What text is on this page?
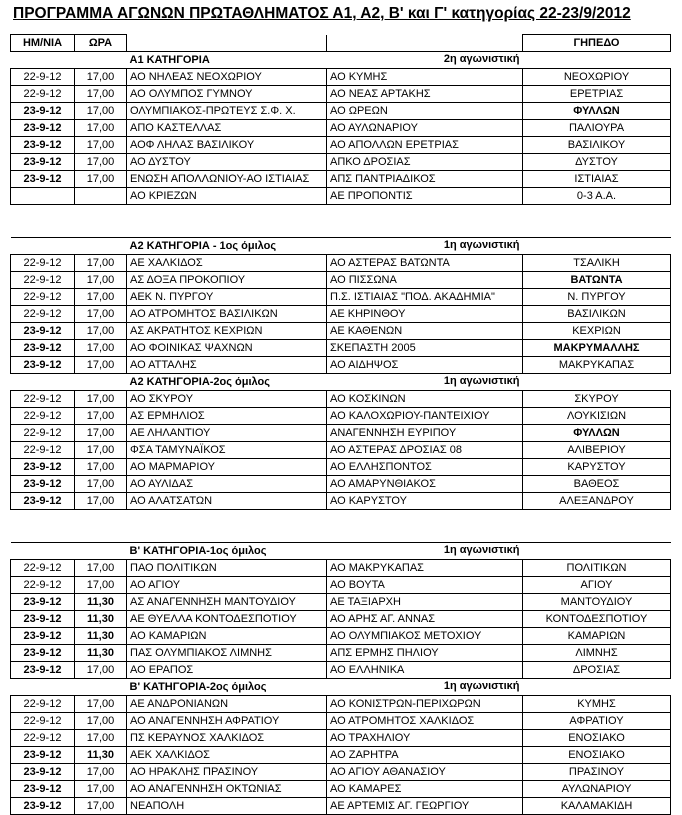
ΠΡΟΓΡΑΜΜΑ ΑΓΩΝΩΝ ΠΡΩΤΑΘΛΗΜΑΤΟΣ Α1, Α2, Β' και Γ' κατηγορίας 22-23/9/2012
ΗΜ/ΝΙΑ	ΩΡΑ			ΓΗΠΕΔΟ
		Α1 ΚΑΤΗΓΟΡΙΑ 2η αγωνιστική		

22-9-12	17,00	ΑΟ ΝΗΛΕΑΣ ΝΕΟΧΩΡΙΟΥ	ΑΟ ΚΥΜΗΣ	ΝΕΟΧΩΡΙΟΥ
22-9-12	17,00	ΑΟ ΟΛΥΜΠΟΣ ΓΥΜΝΟΥ	ΑΟ ΝΕΑΣ ΑΡΤΑΚΗΣ	ΕΡΕΤΡΙΑΣ
23-9-12	17,00	ΟΛΥΜΠΙΑΚΟΣ-ΠΡΩΤΕΥΣ Σ.Φ. Χ.	ΑΟ ΩΡΕΩΝ	ΦΥΛΛΩΝ
23-9-12	17,00	ΑΠΟ ΚΑΣΤΕΛΛΑΣ	ΑΟ ΑΥΛΩΝΑΡΙΟΥ	ΠΑΛΙΟΥΡΑ
23-9-12	17,00	ΑΟΦ ΛΗΛΑΣ ΒΑΣΙΛΙΚΟΥ	ΑΟ ΑΠΟΛΛΩΝ ΕΡΕΤΡΙΑΣ	ΒΑΣΙΛΙΚΟΥ
23-9-12	17,00	ΑΟ ΔΥΣΤΟΥ	ΑΠΚΟ ΔΡΟΣΙΑΣ	ΔΥΣΤΟΥ
23-9-12	17,00	ΕΝΩΣΗ ΑΠΟΛΛΩΝΙΟΥ-ΑΟ ΙΣΤΙΑΙΑΣ	ΑΠΣ ΠΑΝΤΡΙΑΔΙΚΟΣ	ΙΣΤΙΑΙΑΣ
		ΑΟ ΚΡΙΕΖΩΝ	ΑΕ ΠΡΟΠΟΝΤΙΣ	0-3 Α.Α.

		Α2 ΚΑΤΗΓΟΡΙΑ - 1ος όμιλος 1η αγωνιστική		

22-9-12	17,00	ΑΕ ΧΑΛΚΙΔΟΣ	ΑΟ ΑΣΤΕΡΑΣ ΒΑΤΩΝΤΑ	ΤΣΑΛΙΚΗ
22-9-12	17,00	ΑΣ ΔΟΞΑ ΠΡΟΚΟΠΙΟΥ	ΑΟ ΠΙΣΣΩΝΑ	ΒΑΤΩΝΤΑ
22-9-12	17,00	ΑΕΚ Ν. ΠΥΡΓΟΥ	Π.Σ. ΙΣΤΙΑΙΑΣ "ΠΟΔ. ΑΚΑΔΗΜΙΑ"	Ν. ΠΥΡΓΟΥ
22-9-12	17,00	ΑΟ ΑΤΡΟΜΗΤΟΣ ΒΑΣΙΛΙΚΩΝ	ΑΕ ΚΗΡΙΝΘΟΥ	ΒΑΣΙΛΙΚΩΝ
23-9-12	17,00	ΑΣ ΑΚΡΑΤΗΤΟΣ ΚΕΧΡΙΩΝ	ΑΕ ΚΑΘΕΝΩΝ	ΚΕΧΡΙΩΝ
23-9-12	17,00	ΑΟ ΦΟΙΝΙΚΑΣ ΨΑΧΝΩΝ	ΣΚΕΠΑΣΤΗ 2005	ΜΑΚΡΥΜΑΛΛΗΣ
23-9-12	17,00	ΑΟ ΑΤΤΑΛΗΣ	ΑΟ ΑΙΔΗΨΟΣ	ΜΑΚΡΥΚΑΠΑΣ
		Α2 ΚΑΤΗΓΟΡΙΑ-2ος όμιλος 1η αγωνιστική		

22-9-12	17,00	ΑΟ ΣΚΥΡΟΥ	ΑΟ ΚΟΣΚΙΝΩΝ	ΣΚΥΡΟΥ
22-9-12	17,00	ΑΣ ΕΡΜΗΛΙΟΣ	ΑΟ ΚΑΛΟΧΩΡΙΟΥ-ΠΑΝΤΕΙΧΙΟΥ	ΛΟΥΚΙΣΙΩΝ
22-9-12	17,00	ΑΕ ΛΗΛΑΝΤΙΟΥ	ΑΝΑΓΕΝΝΗΣΗ ΕΥΡΙΠΟΥ	ΦΥΛΛΩΝ
22-9-12	17,00	ΦΣΑ ΤΑΜΥΝΑΪΚΟΣ	ΑΟ ΑΣΤΕΡΑΣ ΔΡΟΣΙΑΣ 08	ΑΛΙΒΕΡΙΟΥ
23-9-12	17,00	ΑΟ ΜΑΡΜΑΡΙΟΥ	ΑΟ ΕΛΛΗΣΠΟΝΤΟΣ	ΚΑΡΥΣΤΟΥ
23-9-12	17,00	ΑΟ ΑΥΛΙΔΑΣ	ΑΟ ΑΜΑΡΥΝΘΙΑΚΟΣ	ΒΑΘΕΟΣ
23-9-12	17,00	ΑΟ ΑΛΑΤΣΑΤΩΝ	ΑΟ ΚΑΡΥΣΤΟΥ	ΑΛΕΞΑΝΔΡΟΥ

		Β' ΚΑΤΗΓΟΡΙΑ-1ος όμιλος 1η αγωνιστική		

22-9-12	17,00	ΠΑΟ ΠΟΛΙΤΙΚΩΝ	ΑΟ ΜΑΚΡΥΚΑΠΑΣ	ΠΟΛΙΤΙΚΩΝ
22-9-12	17,00	ΑΟ ΑΓΙΟΥ	ΑΟ ΒΟΥΤΑ	ΑΓΙΟΥ
23-9-12	11,30	ΑΣ ΑΝΑΓΕΝΝΗΣΗ ΜΑΝΤΟΥΔΙΟΥ	ΑΕ ΤΑΞΙΑΡΧΗ	ΜΑΝΤΟΥΔΙΟΥ
23-9-12	11,30	ΑΕ ΘΥΕΛΛΑ ΚΟΝΤΟΔΕΣΠΟΤΙΟΥ	ΑΟ ΑΡΗΣ ΑΓ. ΑΝΝΑΣ	ΚΟΝΤΟΔΕΣΠΟΤΙΟΥ
23-9-12	11,30	ΑΟ ΚΑΜΑΡΙΩΝ	ΑΟ ΟΛΥΜΠΙΑΚΟΣ ΜΕΤΟΧΙΟΥ	ΚΑΜΑΡΙΩΝ
23-9-12	11,30	ΠΑΣ ΟΛΥΜΠΙΑΚΟΣ ΛΙΜΝΗΣ	ΑΠΣ ΕΡΜΗΣ ΠΗΛΙΟΥ	ΛΙΜΝΗΣ
23-9-12	17,00	ΑΟ ΕΡΑΠΟΣ	ΑΟ ΕΛΛΗΝΙΚΑ	ΔΡΟΣΙΑΣ
		Β' ΚΑΤΗΓΟΡΙΑ-2ος όμιλος 1η αγωνιστική		

22-9-12	17,00	ΑΕ ΑΝΔΡΟΝΙΑΝΩΝ	ΑΟ ΚΟΝΙΣΤΡΩΝ-ΠΕΡΙΧΩΡΩΝ	ΚΥΜΗΣ
22-9-12	17,00	ΑΟ ΑΝΑΓΕΝΝΗΣΗ ΑΦΡΑΤΙΟΥ	ΑΟ ΑΤΡΟΜΗΤΟΣ ΧΑΛΚΙΔΟΣ	ΑΦΡΑΤΙΟΥ
22-9-12	17,00	ΠΣ ΚΕΡΑΥΝΟΣ ΧΑΛΚΙΔΟΣ	ΑΟ ΤΡΑΧΗΛΙΟΥ	ΕΝΟΣΙΑΚΟ
23-9-12	11,30	ΑΕΚ ΧΑΛΚΙΔΟΣ	ΑΟ ΖΑΡΗΤΡΑ	ΕΝΟΣΙΑΚΟ
23-9-12	17,00	ΑΟ ΗΡΑΚΛΗΣ ΠΡΑΣΙΝΟΥ	ΑΟ ΑΓΙΟΥ ΑΘΑΝΑΣΙΟΥ	ΠΡΑΣΙΝΟΥ
23-9-12	17,00	ΑΟ ΑΝΑΓΕΝΝΗΣΗ ΟΚΤΩΝΙΑΣ	ΑΟ ΚΑΜΑΡΕΣ	ΑΥΛΩΝΑΡΙΟΥ
23-9-12	17,00	ΝΕΑΠΟΛΗ	ΑΕ ΑΡΤΕΜΙΣ ΑΓ. ΓΕΩΡΓΙΟΥ	ΚΑΛΑΜΑΚΙΔΗ
